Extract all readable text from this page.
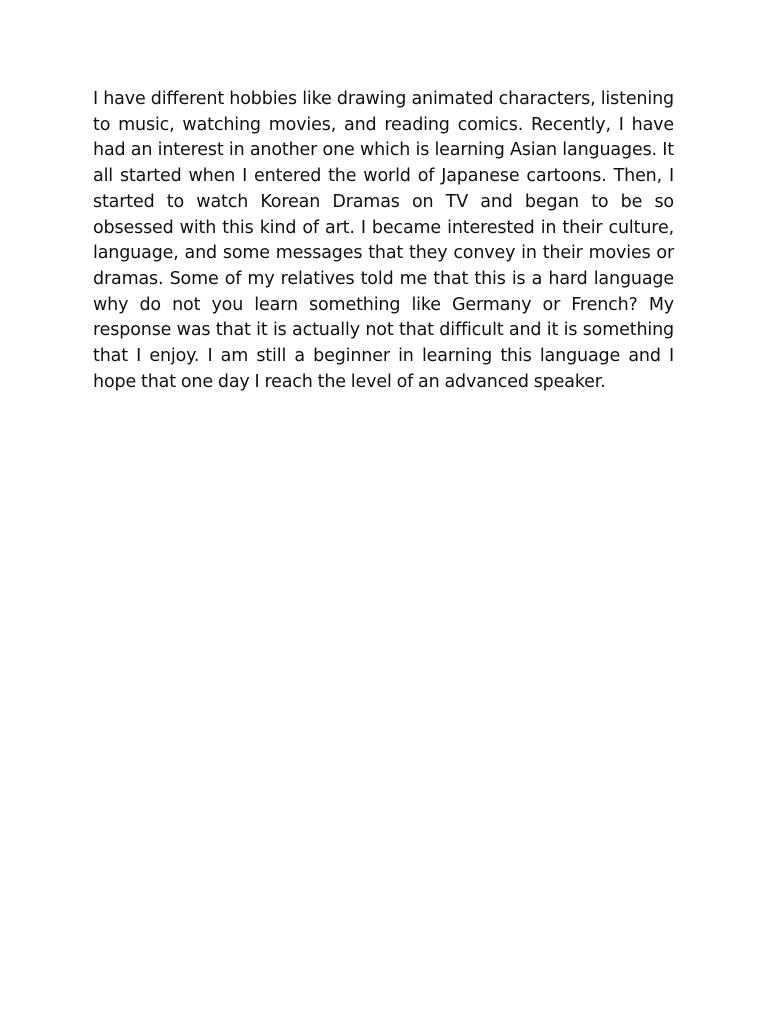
I have different hobbies like drawing animated characters, listening to music, watching movies, and reading comics. Recently, I have had an interest in another one which is learning Asian languages. It all started when I entered the world of Japanese cartoons. Then, I started to watch Korean Dramas on TV and began to be so obsessed with this kind of art. I became interested in their culture, language, and some messages that they convey in their movies or dramas. Some of my relatives told me that this is a hard language why do not you learn something like Germany or French? My response was that it is actually not that difficult and it is something that I enjoy. I am still a beginner in learning this language and I hope that one day I reach the level of an advanced speaker.
